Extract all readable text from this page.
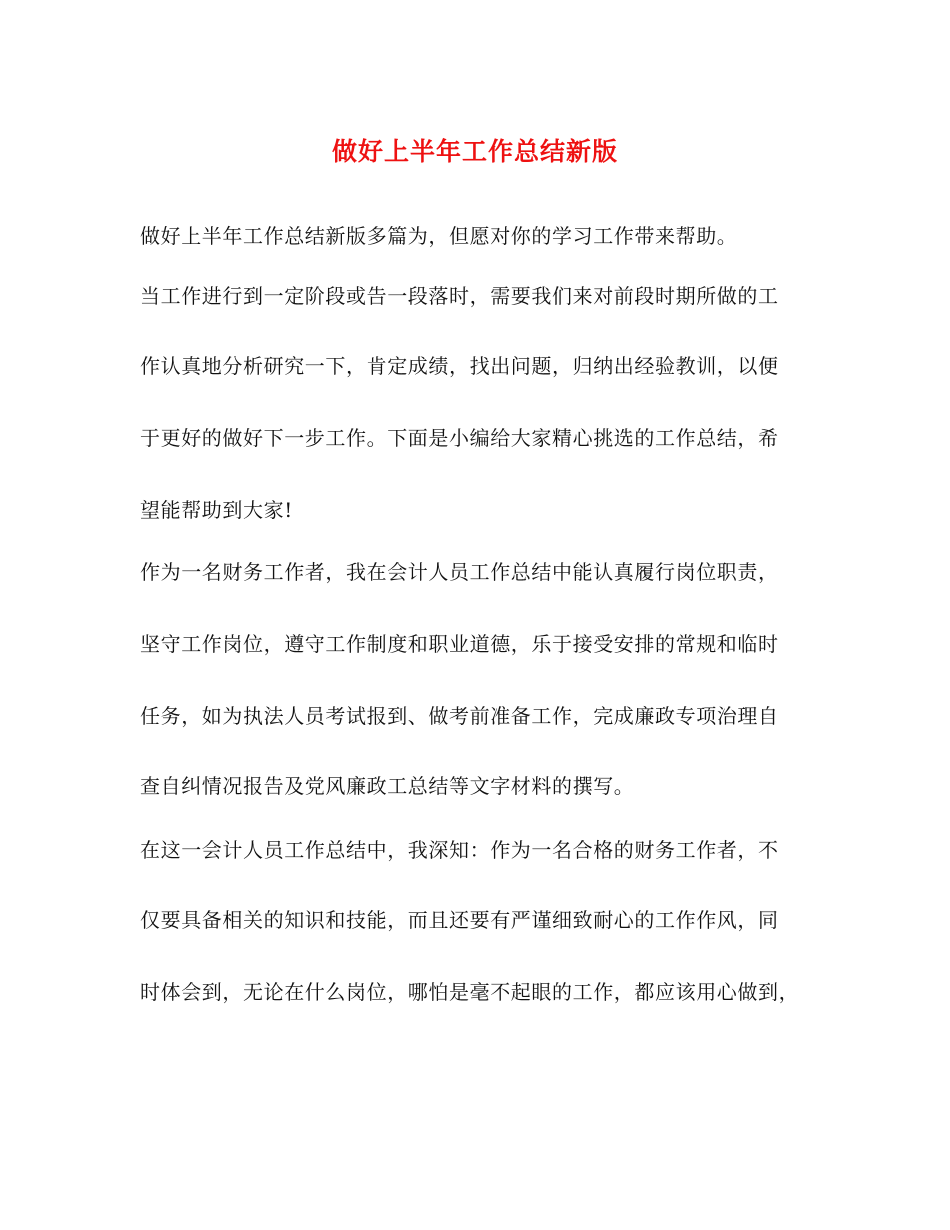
做好上半年工作总结新版
做好上半年工作总结新版多篇为，但愿对你的学习工作带来帮助。
当工作进行到一定阶段或告一段落时，需要我们来对前段时期所做的工
作认真地分析研究一下，肯定成绩，找出问题，归纳出经验教训，以便
于更好的做好下一步工作。下面是小编给大家精心挑选的工作总结，希
望能帮助到大家!
作为一名财务工作者，我在会计人员工作总结中能认真履行岗位职责，
坚守工作岗位，遵守工作制度和职业道德，乐于接受安排的常规和临时
任务，如为执法人员考试报到、做考前准备工作，完成廉政专项治理自
查自纠情况报告及党风廉政工总结等文字材料的撰写。
在这一会计人员工作总结中，我深知：作为一名合格的财务工作者，不
仅要具备相关的知识和技能，而且还要有严谨细致耐心的工作作风，同
时体会到，无论在什么岗位，哪怕是毫不起眼的工作，都应该用心做到，
